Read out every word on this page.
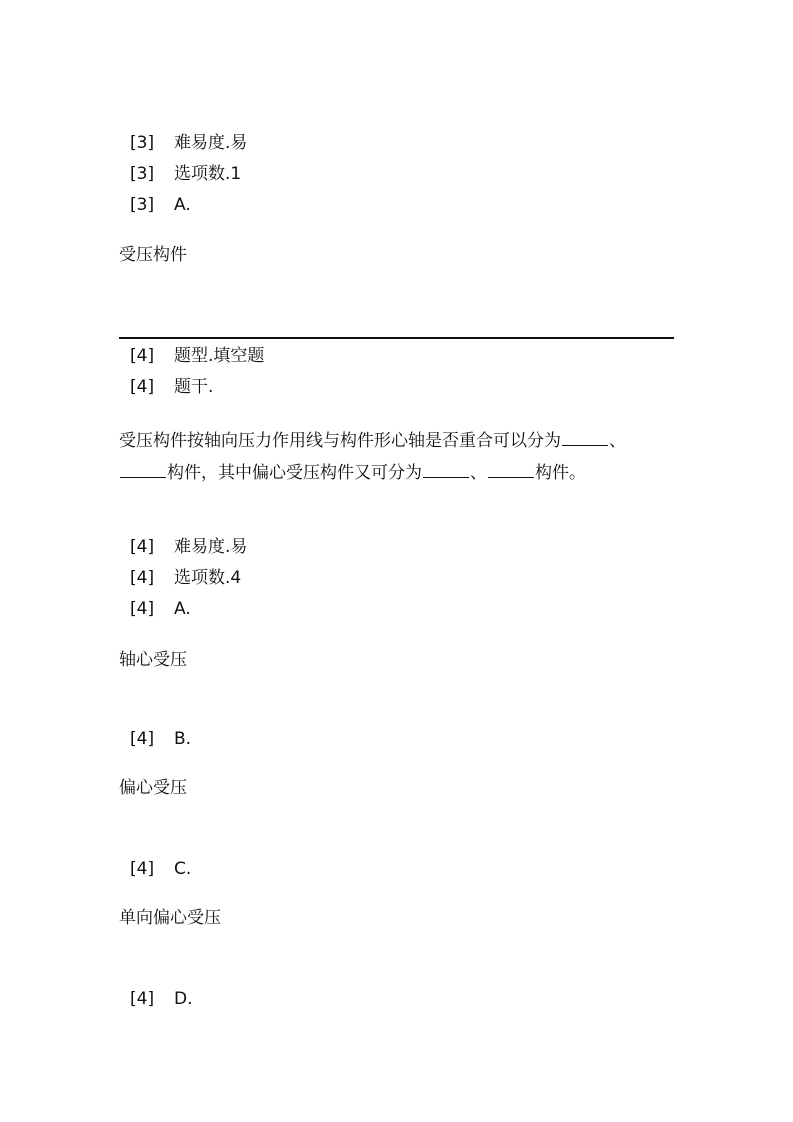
[3] 难易度.易
[3] 选项数.1
[3] A.
受压构件
[4] 题型.填空题
[4] 题干.
受压构件按轴向压力作用线与构件形心轴是否重合可以分为	、
构件，其中偏心受压构件又可分为	、	构件。
[4] 难易度.易
[4] 选项数.4
[4] A.
轴心受压
[4] B.
偏心受压
[4] C.
单向偏心受压
[4] D.
